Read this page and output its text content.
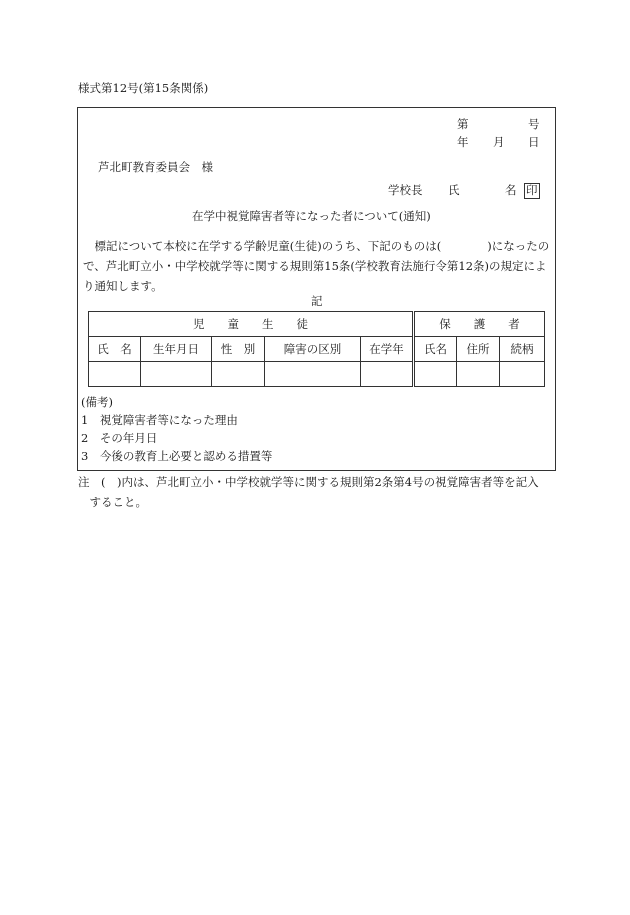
様式第12号(第15条関係)
第	号
年 月 日
芦北町教育委員会　様
学校長 氏	名 印
在学中視覚障害者等になった者について(通知)

　標記について本校に在学する学齢児童(生徒)のうち、下記のものは(　　　　)になったの

で、芦北町立小・中学校就学等に関する規則第15条(学校教育法施行令第12条)の規定によ

り通知します。

記
児　　童　　生　　徒					保　　護　　者		
氏　名	生年月日	性　別	障害の区別	在学年	氏名	住所	続柄

(備考)
1　視覚障害者等になった理由
2　その年月日
3　今後の教育上必要と認める措置等
注　(　)内は、芦北町立小・中学校就学等に関する規則第2条第4号の視覚障害者等を記入
　すること。
